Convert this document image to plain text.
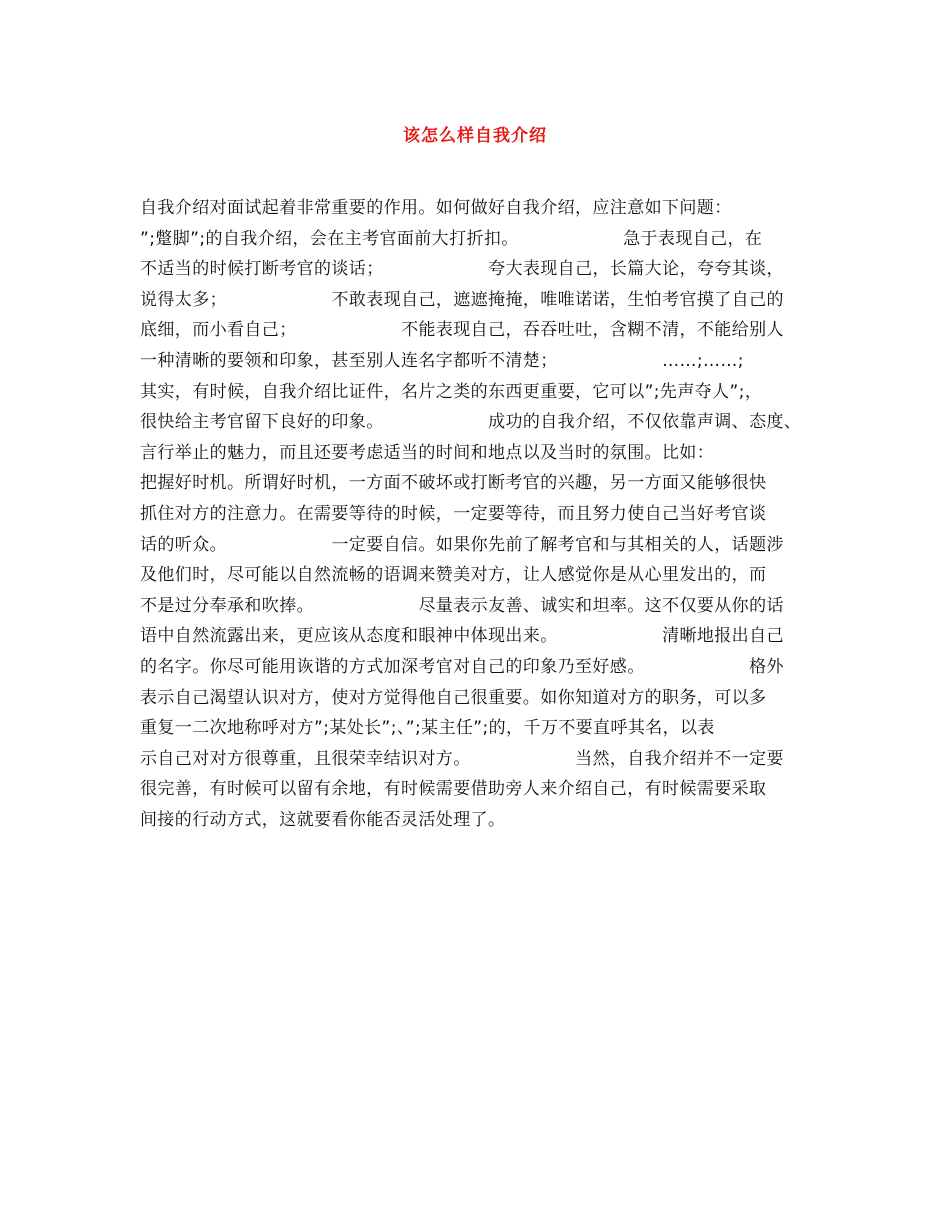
该怎么样自我介绍
自我介绍对面试起着非常重要的作用。如何做好自我介绍，应注意如下问题：
”;蹩脚”;的自我介绍，会在主考官面前大打折扣。                  急于表现自己，在
不适当的时候打断考官的谈话；                  夸大表现自己，长篇大论，夸夸其谈，
说得太多；                  不敢表现自己，遮遮掩掩，唯唯诺诺，生怕考官摸了自己的
底细，而小看自己；                  不能表现自己，吞吞吐吐，含糊不清，不能给别人
一种清晰的要领和印象，甚至别人连名字都听不清楚；                  ……;……;
其实，有时候，自我介绍比证件，名片之类的东西更重要，它可以”;先声夺人”;，
很快给主考官留下良好的印象。                  成功的自我介绍，不仅依靠声调、态度、
言行举止的魅力，而且还要考虑适当的时间和地点以及当时的氛围。比如：
把握好时机。所谓好时机，一方面不破坏或打断考官的兴趣，另一方面又能够很快
抓住对方的注意力。在需要等待的时候，一定要等待，而且努力使自己当好考官谈
话的听众。                  一定要自信。如果你先前了解考官和与其相关的人，话题涉
及他们时，尽可能以自然流畅的语调来赞美对方，让人感觉你是从心里发出的，而
不是过分奉承和吹捧。                  尽量表示友善、诚实和坦率。这不仅要从你的话
语中自然流露出来，更应该从态度和眼神中体现出来。                  清晰地报出自己
的名字。你尽可能用诙谐的方式加深考官对自己的印象乃至好感。                  格外
表示自己渴望认识对方，使对方觉得他自己很重要。如你知道对方的职务，可以多
重复一二次地称呼对方”;某处长”;、”;某主任”;的，千万不要直呼其名，以表
示自己对对方很尊重，且很荣幸结识对方。                  当然，自我介绍并不一定要
很完善，有时候可以留有余地，有时候需要借助旁人来介绍自己，有时候需要采取
间接的行动方式，这就要看你能否灵活处理了。
